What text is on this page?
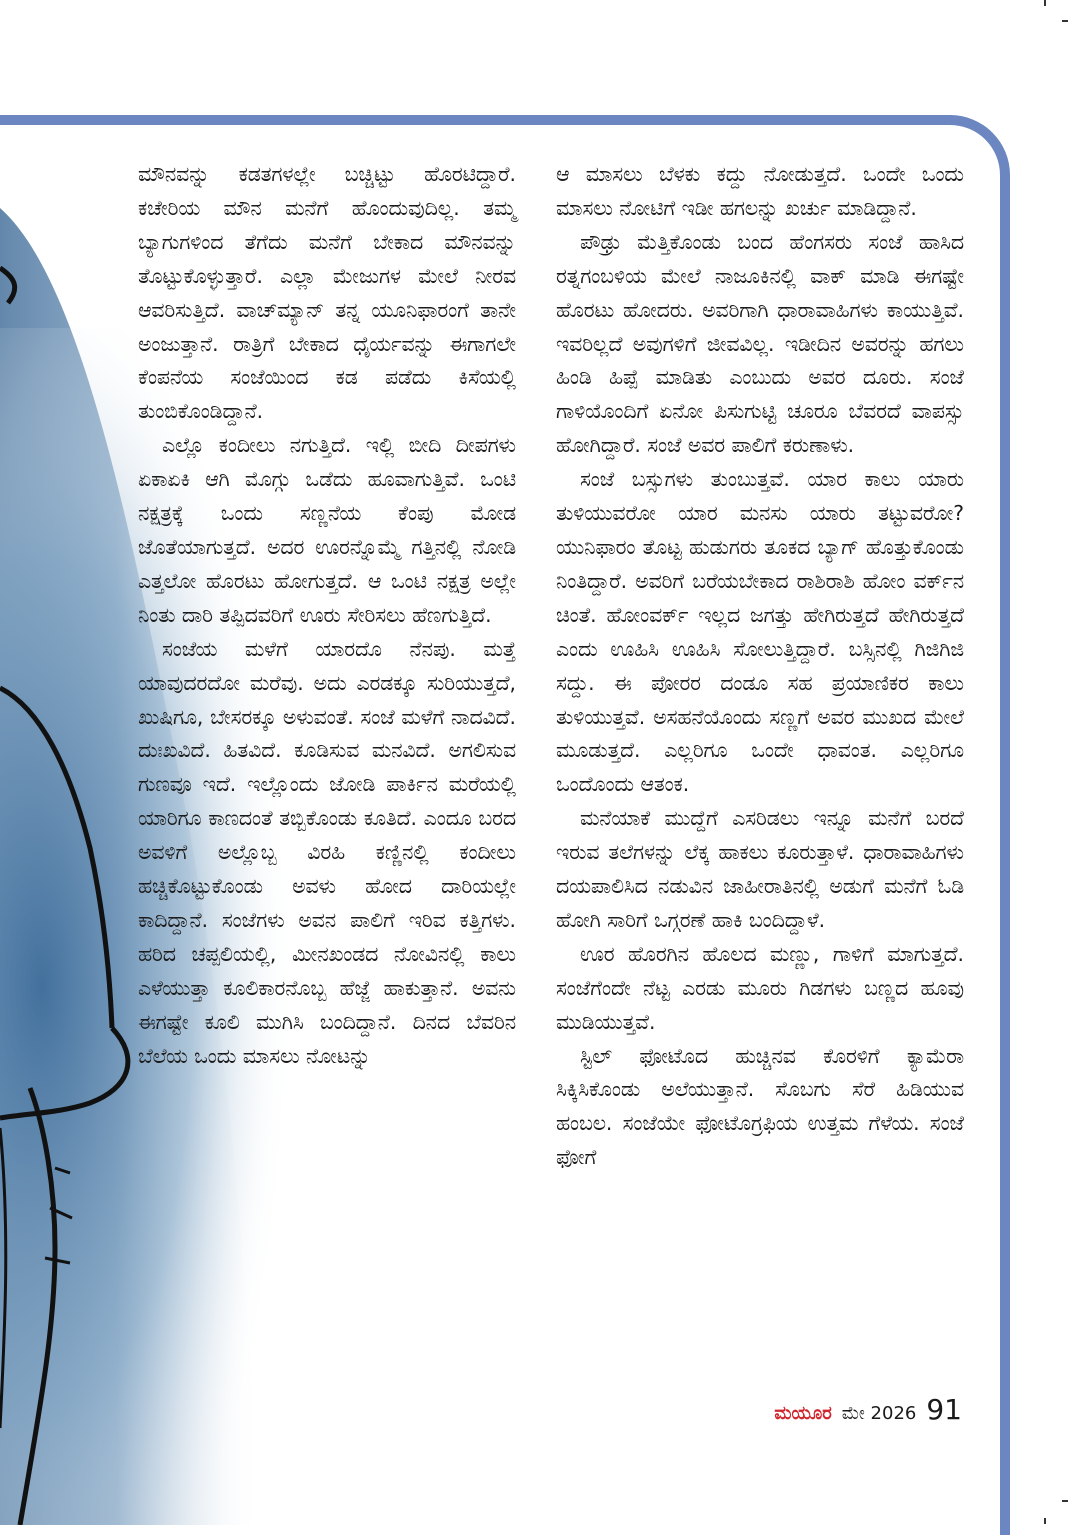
ಮೌನವನ್ನು ಕಡತಗಳಲ್ಲೇ ಬಚ್ಚಿಟ್ಟು ಹೊರಟಿದ್ದಾರೆ. ಕಚೇರಿಯ ಮೌನ ಮನೆಗೆ ಹೊಂದುವುದಿಲ್ಲ. ತಮ್ಮ ಬ್ಯಾಗುಗಳಿಂದ ತೆಗೆದು ಮನೆಗೆ ಬೇಕಾದ ಮೌನವನ್ನು ತೊಟ್ಟುಕೊಳ್ಳುತ್ತಾರೆ. ಎಲ್ಲಾ ಮೇಜುಗಳ ಮೇಲೆ ನೀರವ ಆವರಿಸುತ್ತಿದೆ. ವಾಚ್‌ಮ್ಯಾನ್ ತನ್ನ ಯೂನಿಫಾರಂಗೆ ತಾನೇ ಅಂಜುತ್ತಾನೆ. ರಾತ್ರಿಗೆ ಬೇಕಾದ ಧೈರ್ಯವನ್ನು ಈಗಾಗಲೇ ಕೆಂಪನೆಯ ಸಂಜೆಯಿಂದ ಕಡ ಪಡೆದು ಕಿಸೆಯಲ್ಲಿ ತುಂಬಿಕೊಂಡಿದ್ದಾನೆ.

ಎಲ್ಲೊ ಕಂದೀಲು ನಗುತ್ತಿದೆ. ಇಲ್ಲಿ ಬೀದಿ ದೀಪಗಳು ಏಕಾಏಕಿ ಆಗಿ ಮೊಗ್ಗು ಒಡೆದು ಹೂವಾಗುತ್ತಿವೆ. ಒಂಟಿ ನಕ್ಷತ್ರಕ್ಕೆ ಒಂದು ಸಣ್ಣನೆಯ ಕೆಂಪು ಮೋಡ ಜೊತೆಯಾಗುತ್ತದೆ. ಅದರ ಊರನ್ನೊಮ್ಮೆ ಗತ್ತಿನಲ್ಲಿ ನೋಡಿ ಎತ್ತಲೋ ಹೊರಟು ಹೋಗುತ್ತದೆ. ಆ ಒಂಟಿ ನಕ್ಷತ್ರ ಅಲ್ಲೇ ನಿಂತು ದಾರಿ ತಪ್ಪಿದವರಿಗೆ ಊರು ಸೇರಿಸಲು ಹೆಣಗುತ್ತಿದೆ.

ಸಂಜೆಯ ಮಳೆಗೆ ಯಾರದೊ ನೆನಪು. ಮತ್ತೆ ಯಾವುದರದೋ ಮರೆವು. ಅದು ಎರಡಕ್ಕೂ ಸುರಿಯುತ್ತದೆ, ಖುಷಿಗೂ, ಬೇಸರಕ್ಕೂ ಅಳುವಂತೆ. ಸಂಜೆ ಮಳೆಗೆ ನಾದವಿದೆ. ದುಃಖವಿದೆ. ಹಿತವಿದೆ. ಕೂಡಿಸುವ ಮನವಿದೆ. ಅಗಲಿಸುವ ಗುಣವೂ ಇದೆ. ಇಲ್ಲೊಂದು ಜೋಡಿ ಪಾರ್ಕಿನ ಮರೆಯಲ್ಲಿ ಯಾರಿಗೂ ಕಾಣದಂತೆ ತಬ್ಬಿಕೊಂಡು ಕೂತಿದೆ. ಎಂದೂ ಬರದ ಅವಳಿಗೆ ಅಲ್ಲೊಬ್ಬ ವಿರಹಿ ಕಣ್ಣಿನಲ್ಲಿ ಕಂದೀಲು ಹಚ್ಚಿಕೊಟ್ಟುಕೊಂಡು ಅವಳು ಹೋದ ದಾರಿಯಲ್ಲೇ ಕಾದಿದ್ದಾನೆ. ಸಂಜೆಗಳು ಅವನ ಪಾಲಿಗೆ ಇರಿವ ಕತ್ತಿಗಳು. ಹರಿದ ಚಪ್ಪಲಿಯಲ್ಲಿ, ಮೀನಖಂಡದ ನೋವಿನಲ್ಲಿ ಕಾಲು ಎಳೆಯುತ್ತಾ ಕೂಲಿಕಾರನೊಬ್ಬ ಹೆಜ್ಜೆ ಹಾಕುತ್ತಾನೆ. ಅವನು ಈಗಷ್ಟೇ ಕೂಲಿ ಮುಗಿಸಿ ಬಂದಿದ್ದಾನೆ. ದಿನದ ಬೆವರಿನ ಬೆಲೆಯ ಒಂದು ಮಾಸಲು ನೋಟನ್ನು

ಆ ಮಾಸಲು ಬೆಳಕು ಕದ್ದು ನೋಡುತ್ತದೆ. ಒಂದೇ ಒಂದು ಮಾಸಲು ನೋಟಿಗೆ ಇಡೀ ಹಗಲನ್ನು ಖರ್ಚು ಮಾಡಿದ್ದಾನೆ.

ಪೌಢ್ರು ಮೆತ್ತಿಕೊಂಡು ಬಂದ ಹೆಂಗಸರು ಸಂಜೆ ಹಾಸಿದ ರತ್ನಗಂಬಳಿಯ ಮೇಲೆ ನಾಜೂಕಿನಲ್ಲಿ ವಾಕ್ ಮಾಡಿ ಈಗಷ್ಟೇ ಹೊರಟು ಹೋದರು. ಅವರಿಗಾಗಿ ಧಾರಾವಾಹಿಗಳು ಕಾಯುತ್ತಿವೆ. ಇವರಿಲ್ಲದೆ ಅವುಗಳಿಗೆ ಜೀವವಿಲ್ಲ. ಇಡೀದಿನ ಅವರನ್ನು ಹಗಲು ಹಿಂಡಿ ಹಿಪ್ಪೆ ಮಾಡಿತು ಎಂಬುದು ಅವರ ದೂರು. ಸಂಜೆ ಗಾಳಿಯೊಂದಿಗೆ ಏನೋ ಪಿಸುಗುಟ್ಟಿ ಚೂರೂ ಬೆವರದೆ ವಾಪಸ್ಸು ಹೋಗಿದ್ದಾರೆ. ಸಂಜೆ ಅವರ ಪಾಲಿಗೆ ಕರುಣಾಳು.

ಸಂಜೆ ಬಸ್ಸುಗಳು ತುಂಬುತ್ತವೆ. ಯಾರ ಕಾಲು ಯಾರು ತುಳಿಯುವರೋ ಯಾರ ಮನಸು ಯಾರು ತಟ್ಟುವರೋ? ಯುನಿಫಾರಂ ತೊಟ್ಟ ಹುಡುಗರು ತೂಕದ ಬ್ಯಾಗ್ ಹೊತ್ತುಕೊಂಡು ನಿಂತಿದ್ದಾರೆ. ಅವರಿಗೆ ಬರೆಯಬೇಕಾದ ರಾಶಿರಾಶಿ ಹೋಂ ವರ್ಕ್‌ನ ಚಿಂತೆ. ಹೋಂವರ್ಕ್ ಇಲ್ಲದ ಜಗತ್ತು ಹೇಗಿರುತ್ತದೆ ಹೇಗಿರುತ್ತದೆ ಎಂದು ಊಹಿಸಿ ಊಹಿಸಿ ಸೋಲುತ್ತಿದ್ದಾರೆ. ಬಸ್ಸಿನಲ್ಲಿ ಗಿಜಿಗಿಜಿ ಸದ್ದು. ಈ ಪೋರರ ದಂಡೂ ಸಹ ಪ್ರಯಾಣಿಕರ ಕಾಲು ತುಳಿಯುತ್ತವೆ. ಅಸಹನೆಯೊಂದು ಸಣ್ಣಗೆ ಅವರ ಮುಖದ ಮೇಲೆ ಮೂಡುತ್ತದೆ. ಎಲ್ಲರಿಗೂ ಒಂದೇ ಧಾವಂತ. ಎಲ್ಲರಿಗೂ ಒಂದೊಂದು ಆತಂಕ.

ಮನೆಯಾಕೆ ಮುದ್ದೆಗೆ ಎಸರಿಡಲು ಇನ್ನೂ ಮನೆಗೆ ಬರದೆ ಇರುವ ತಲೆಗಳನ್ನು ಲೆಕ್ಕ ಹಾಕಲು ಕೂರುತ್ತಾಳೆ. ಧಾರಾವಾಹಿಗಳು ದಯಪಾಲಿಸಿದ ನಡುವಿನ ಜಾಹೀರಾತಿನಲ್ಲಿ ಅಡುಗೆ ಮನೆಗೆ ಓಡಿ ಹೋಗಿ ಸಾರಿಗೆ ಒಗ್ಗರಣೆ ಹಾಕಿ ಬಂದಿದ್ದಾಳೆ.

ಊರ ಹೊರಗಿನ ಹೊಲದ ಮಣ್ಣು, ಗಾಳಿಗೆ ಮಾಗುತ್ತದೆ. ಸಂಜೆಗೆಂದೇ ನೆಟ್ಟ ಎರಡು ಮೂರು ಗಿಡಗಳು ಬಣ್ಣದ ಹೂವು ಮುಡಿಯುತ್ತವೆ.

ಸ್ಟಿಲ್ ಫೋಟೊದ ಹುಚ್ಚಿನವ ಕೊರಳಿಗೆ ಕ್ಯಾಮೆರಾ ಸಿಕ್ಕಿಸಿಕೊಂಡು ಅಲೆಯುತ್ತಾನೆ. ಸೊಬಗು ಸೆರೆ ಹಿಡಿಯುವ ಹಂಬಲ. ಸಂಜೆಯೇ ಫೋಟೊಗ್ರಫಿಯ ಉತ್ತಮ ಗೆಳೆಯ. ಸಂಜೆ ಫೋಗೆ

ಮಯೂರ ಮೇ 2026 91
